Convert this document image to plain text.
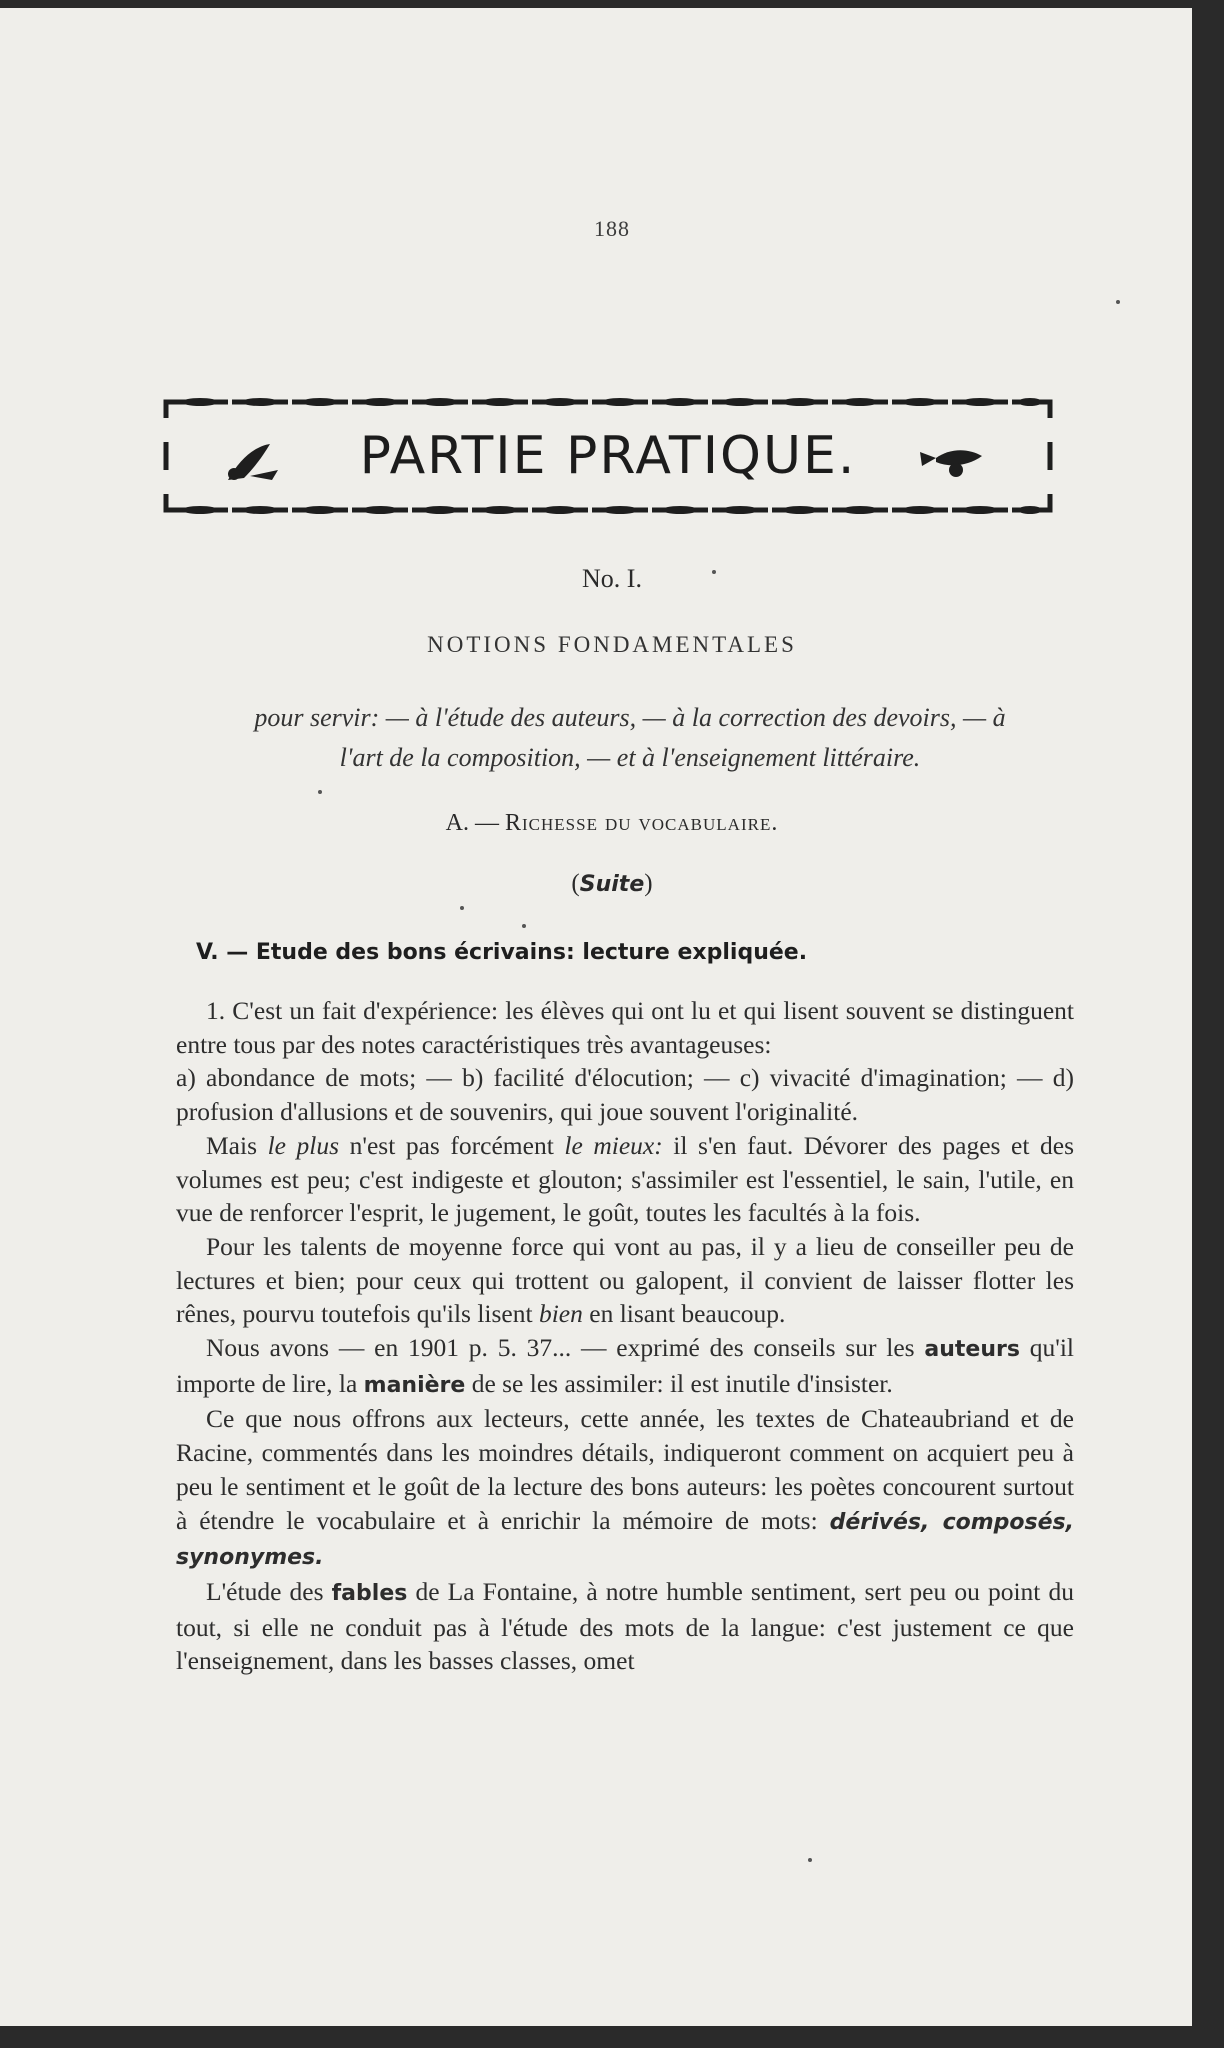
188
PARTIE PRATIQUE.
No. I.
NOTIONS FONDAMENTALES
pour servir: — à l'étude des auteurs, — à la correction des devoirs, — à
l'art de la composition, — et à l'enseignement littéraire.
A. — Richesse du vocabulaire.
(Suite)
V. — Etude des bons écrivains: lecture expliquée.

1. C'est un fait d'expérience: les élèves qui ont lu et qui lisent souvent se distinguent entre tous par des notes caractéristiques très avantageuses:

a) abondance de mots; — b) facilité d'élocution; — c) vivacité d'imagination; — d) profusion d'allusions et de souvenirs, qui joue souvent l'originalité.

Mais le plus n'est pas forcément le mieux: il s'en faut. Dévorer des pages et des volumes est peu; c'est indigeste et glouton; s'assimiler est l'essentiel, le sain, l'utile, en vue de renforcer l'esprit, le jugement, le goût, toutes les facultés à la fois.

Pour les talents de moyenne force qui vont au pas, il y a lieu de conseiller peu de lectures et bien; pour ceux qui trottent ou galopent, il convient de laisser flotter les rênes, pourvu toutefois qu'ils lisent bien en lisant beaucoup.

Nous avons — en 1901 p. 5. 37... — exprimé des conseils sur les auteurs qu'il importe de lire, la manière de se les assimiler: il est inutile d'insister.

Ce que nous offrons aux lecteurs, cette année, les textes de Chateaubriand et de Racine, commentés dans les moindres détails, indiqueront comment on acquiert peu à peu le sentiment et le goût de la lecture des bons auteurs: les poètes concourent surtout à étendre le vocabulaire et à enrichir la mémoire de mots: dérivés, composés, synonymes.

L'étude des fables de La Fontaine, à notre humble sentiment, sert peu ou point du tout, si elle ne conduit pas à l'étude des mots de la langue: c'est justement ce que l'enseignement, dans les basses classes, omet
